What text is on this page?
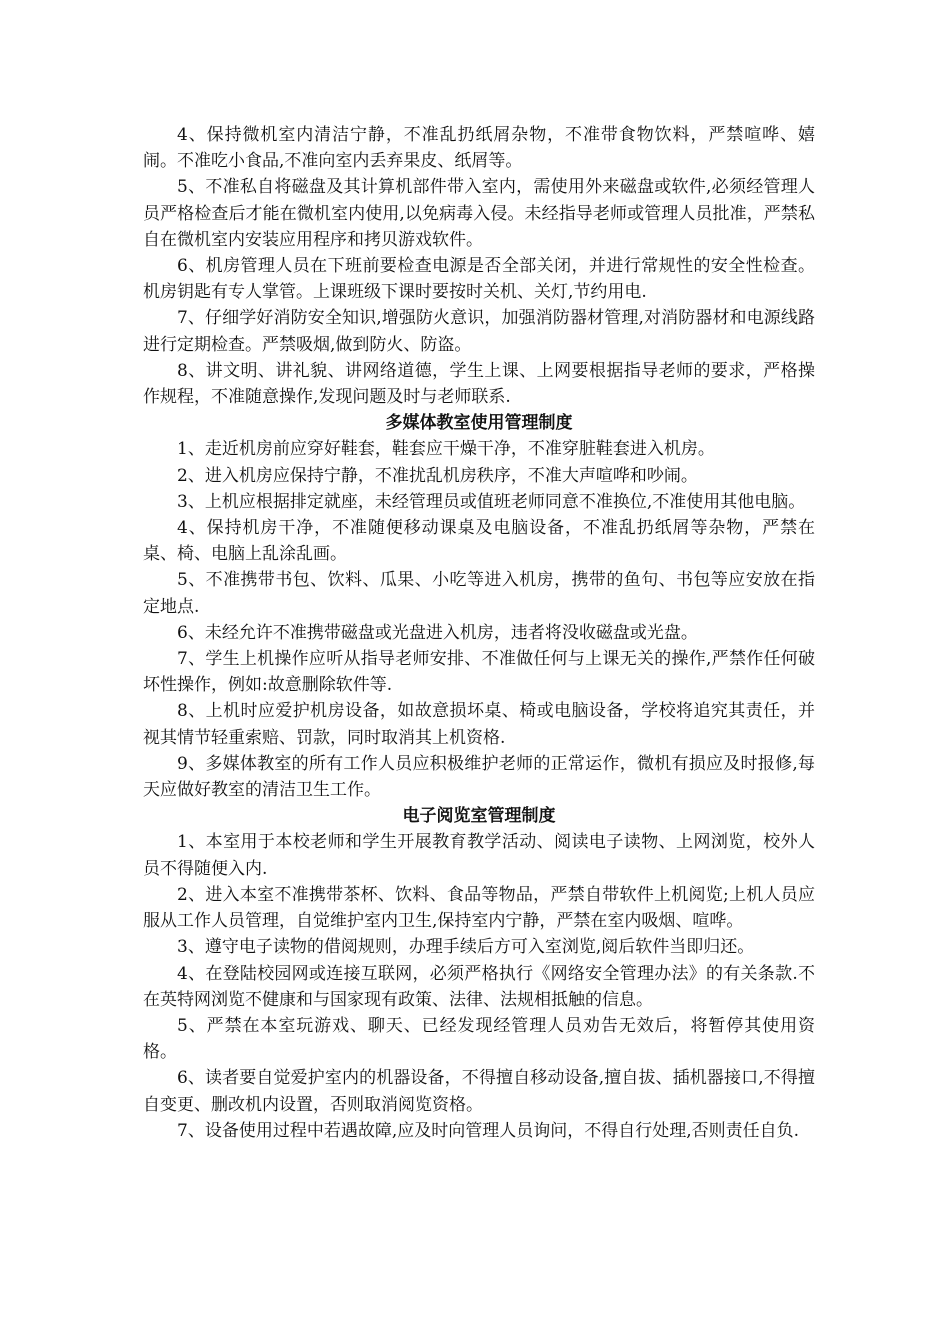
4、保持微机室内清洁宁静，不准乱扔纸屑杂物，不准带食物饮料，严禁喧哗、嬉闹。不准吃小食品,不准向室内丢弃果皮、纸屑等。

5、不准私自将磁盘及其计算机部件带入室内，需使用外来磁盘或软件,必须经管理人员严格检查后才能在微机室内使用,以免病毒入侵。未经指导老师或管理人员批准，严禁私自在微机室内安装应用程序和拷贝游戏软件。

6、机房管理人员在下班前要检查电源是否全部关闭，并进行常规性的安全性检查。机房钥匙有专人掌管。上课班级下课时要按时关机、关灯,节约用电.

7、仔细学好消防安全知识,增强防火意识，加强消防器材管理,对消防器材和电源线路进行定期检查。严禁吸烟,做到防火、防盗。

8、讲文明、讲礼貌、讲网络道德，学生上课、上网要根据指导老师的要求，严格操作规程，不准随意操作,发现问题及时与老师联系.

多媒体教室使用管理制度

1、走近机房前应穿好鞋套，鞋套应干燥干净，不准穿脏鞋套进入机房。

2、进入机房应保持宁静，不准扰乱机房秩序，不准大声喧哗和吵闹。

3、上机应根据排定就座，未经管理员或值班老师同意不准换位,不准使用其他电脑。

4、保持机房干净，不准随便移动课桌及电脑设备，不准乱扔纸屑等杂物，严禁在桌、椅、电脑上乱涂乱画。

5、不准携带书包、饮料、瓜果、小吃等进入机房，携带的鱼句、书包等应安放在指定地点.

6、未经允许不准携带磁盘或光盘进入机房，违者将没收磁盘或光盘。

7、学生上机操作应听从指导老师安排、不准做任何与上课无关的操作,严禁作任何破坏性操作，例如:故意删除软件等.

8、上机时应爱护机房设备，如故意损坏桌、椅或电脑设备，学校将追究其责任，并视其情节轻重索赔、罚款，同时取消其上机资格.

9、多媒体教室的所有工作人员应积极维护老师的正常运作，微机有损应及时报修,每天应做好教室的清洁卫生工作。

电子阅览室管理制度

1、本室用于本校老师和学生开展教育教学活动、阅读电子读物、上网浏览，校外人员不得随便入内.

2、进入本室不准携带茶杯、饮料、食品等物品，严禁自带软件上机阅览;上机人员应服从工作人员管理，自觉维护室内卫生,保持室内宁静，严禁在室内吸烟、喧哗。

3、遵守电子读物的借阅规则，办理手续后方可入室浏览,阅后软件当即归还。

4、在登陆校园网或连接互联网，必须严格执行《网络安全管理办法》的有关条款.不在英特网浏览不健康和与国家现有政策、法律、法规相抵触的信息。

5、严禁在本室玩游戏、聊天、已经发现经管理人员劝告无效后，将暂停其使用资格。

6、读者要自觉爱护室内的机器设备，不得擅自移动设备,擅自拔、插机器接口,不得擅自变更、删改机内设置，否则取消阅览资格。

7、设备使用过程中若遇故障,应及时向管理人员询问，不得自行处理,否则责任自负.
